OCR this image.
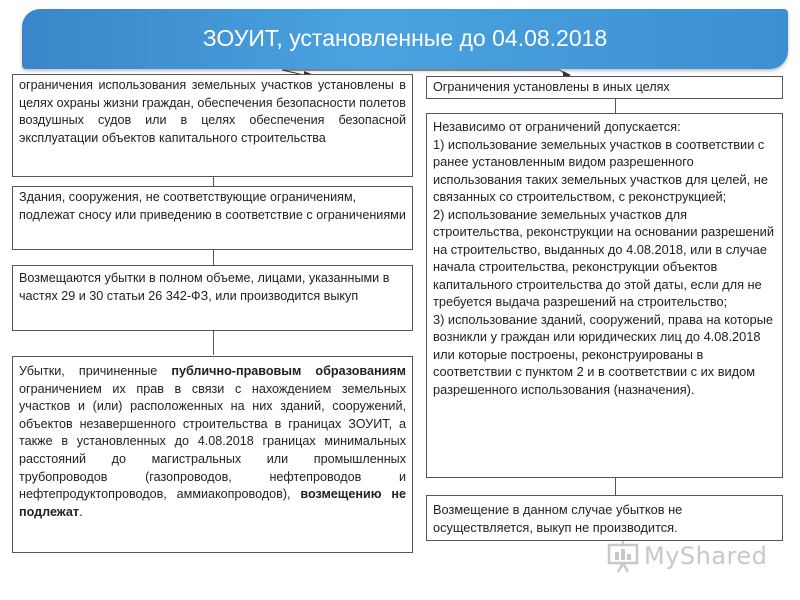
ЗОУИТ, установленные до 04.08.2018
ограничения использования земельных участков установлены в целях охраны жизни граждан, обеспечения безопасности полетов воздушных судов или в целях обеспечения безопасной эксплуатации объектов капитального строительства
Здания, сооружения, не соответствующие ограничениям, подлежат сносу или приведению в соответствие с ограничениями
Возмещаются убытки в полном объеме, лицами, указанными в частях 29 и 30 статьи 26 342-ФЗ, или производится выкуп
Убытки, причиненные публично-правовым образованиям ограничением их прав в связи с нахождением земельных участков и (или) расположенных на них зданий, сооружений, объектов незавершенного строительства в границах ЗОУИТ, а также в установленных до 4.08.2018 границах минимальных расстояний до магистральных или промышленных трубопроводов (газопроводов, нефтепроводов и нефтепродуктопроводов, аммиакопроводов), возмещению не подлежат.
Ограничения установлены в иных целях
Независимо от ограничений допускается:
1) использование земельных участков в соответствии с ранее установленным видом разрешенного использования таких земельных участков для целей, не связанных со строительством, с реконструкцией;
2) использование земельных участков для строительства, реконструкции на основании разрешений на строительство, выданных до 4.08.2018, или в случае начала строительства, реконструкции объектов капитального строительства до этой даты, если для не требуется выдача разрешений на строительство;
3) использование зданий, сооружений, права на которые возникли у граждан или юридических лиц до 4.08.2018 или которые построены, реконструированы в соответствии с пунктом 2 и в соответствии с их видом разрешенного использования (назначения).
Возмещение в данном случае убытков не осуществляется, выкуп не производится.
MyShared
